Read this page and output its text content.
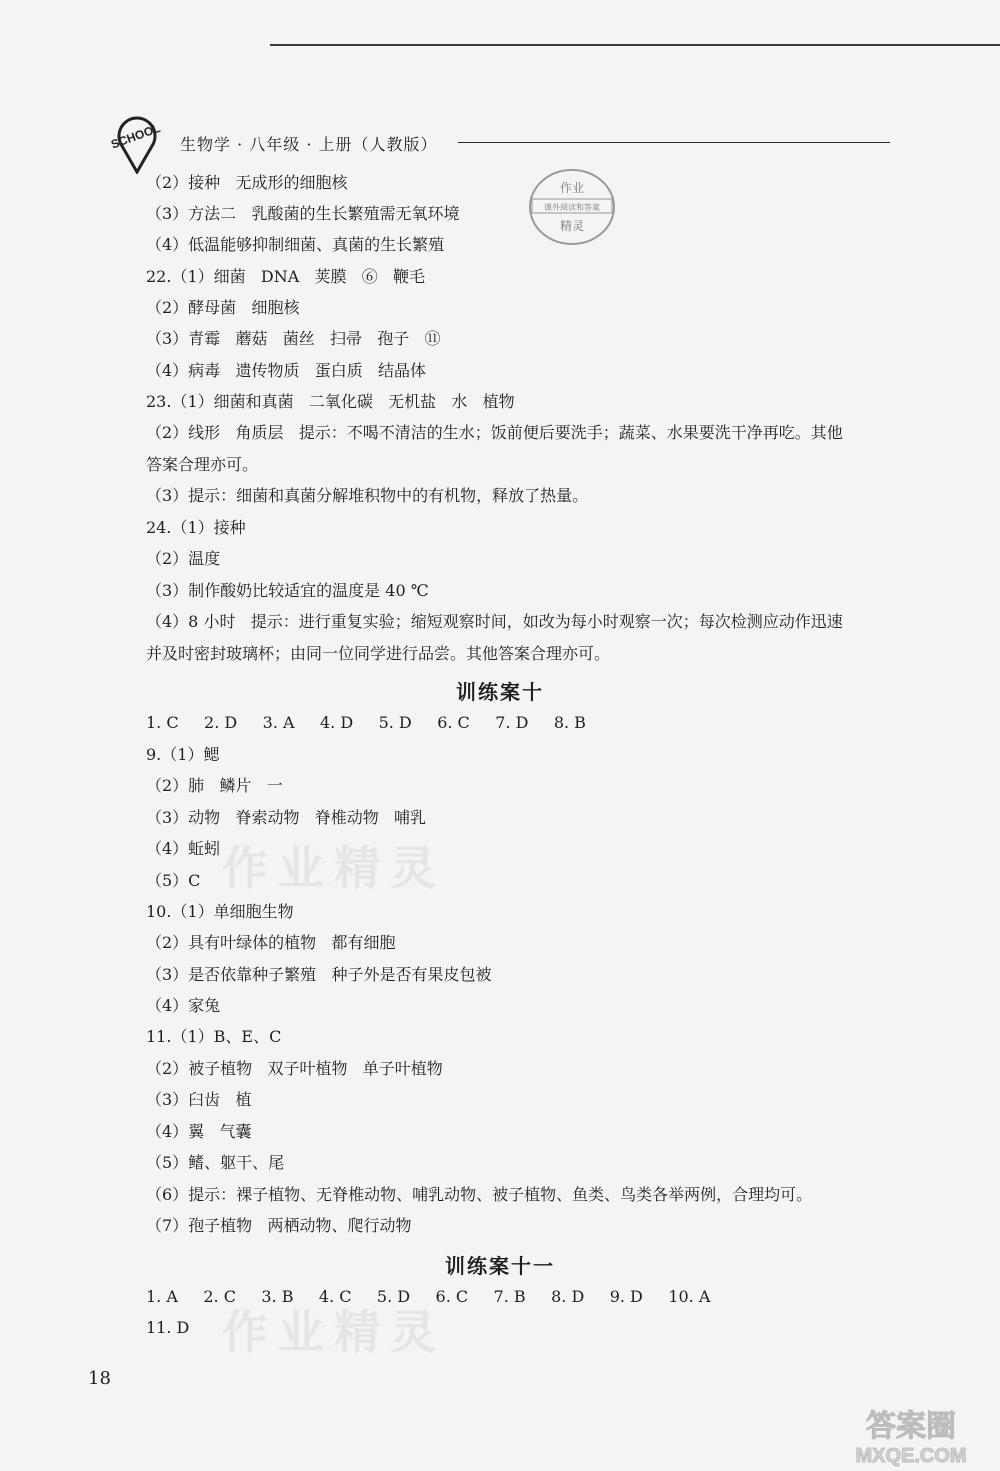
SCHOOL 生物学 · 八年级 · 上册（人教版）
作业
课外阅读和答案
精灵
（2）接种   无成形的细胞核
（3）方法二   乳酸菌的生长繁殖需无氧环境
（4）低温能够抑制细菌、真菌的生长繁殖
22.（1）细菌   DNA   荚膜   ⑥   鞭毛
（2）酵母菌   细胞核
（3）青霉   蘑菇   菌丝   扫帚   孢子   ⑪
（4）病毒   遗传物质   蛋白质   结晶体
23.（1）细菌和真菌   二氧化碳   无机盐   水   植物
（2）线形   角质层   提示：不喝不清洁的生水；饭前便后要洗手；蔬菜、水果要洗干净再吃。其他
答案合理亦可。
（3）提示：细菌和真菌分解堆积物中的有机物，释放了热量。
24.（1）接种
（2）温度
（3）制作酸奶比较适宜的温度是 40 ℃
（4）8 小时   提示：进行重复实验；缩短观察时间，如改为每小时观察一次；每次检测应动作迅速
并及时密封玻璃杯；由同一位同学进行品尝。其他答案合理亦可。
训练案十
1. C     2. D     3. A     4. D     5. D     6. C     7. D     8. B
9.（1）鳃
（2）肺   鳞片   一
（3）动物   脊索动物   脊椎动物   哺乳
（4）蚯蚓
（5）C
10.（1）单细胞生物
（2）具有叶绿体的植物   都有细胞
（3）是否依靠种子繁殖   种子外是否有果皮包被
（4）家兔
11.（1）B、E、C
（2）被子植物   双子叶植物   单子叶植物
（3）臼齿   植
（4）翼   气囊
（5）鳍、躯干、尾
（6）提示：裸子植物、无脊椎动物、哺乳动物、被子植物、鱼类、鸟类各举两例，合理均可。
（7）孢子植物   两栖动物、爬行动物
训练案十一
1. A     2. C     3. B     4. C     5. D     6. C     7. B     8. D     9. D     10. A
11. D
18
作业精灵
作业精灵
答案圈
MXQE.COM
